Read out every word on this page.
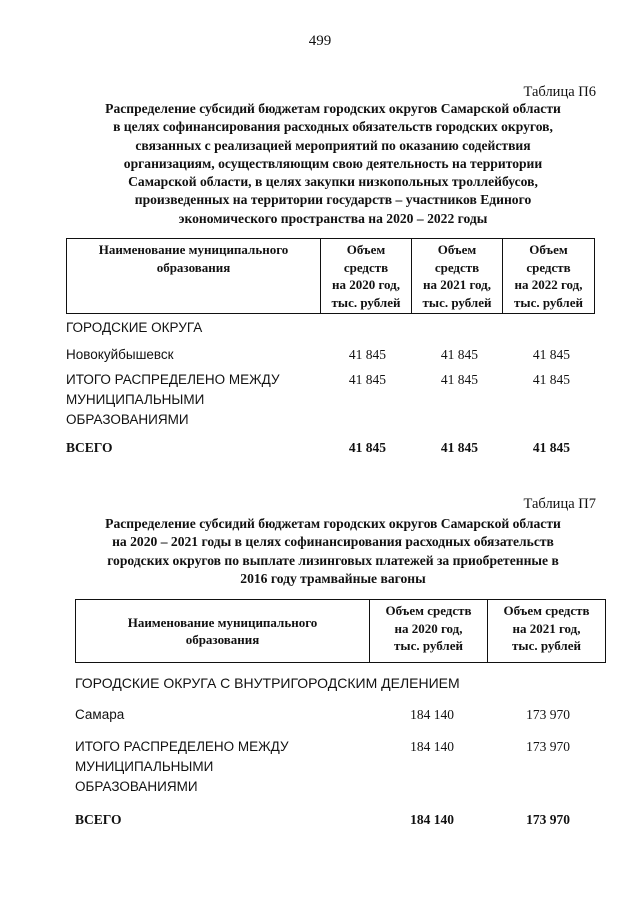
499
Таблица П6
Распределение субсидий бюджетам городских округов Самарской области
в целях софинансирования расходных обязательств городских округов,
связанных с реализацией мероприятий по оказанию содействия
организациям, осуществляющим свою деятельность на территории
Самарской области, в целях закупки низкопольных троллейбусов,
произведенных на территории государств – участников Единого
экономического пространства на 2020 – 2022 годы
Наименование муниципального
образования

Объем
средств
на 2020 год,
тыс. рублей

Объем
средств
на 2021 год,
тыс. рублей

Объем
средств
на 2022 год,
тыс. рублей
ГОРОДСКИЕ ОКРУГА
Новокуйбышевск	41 845	41 845	41 845
ИТОГО РАСПРЕДЕЛЕНО МЕЖДУ
МУНИЦИПАЛЬНЫМИ
ОБРАЗОВАНИЯМИ
41 845	41 845	41 845
ВСЕГО	41 845	41 845	41 845
Таблица П7
Распределение субсидий бюджетам городских округов Самарской области
на 2020 – 2021 годы в целях софинансирования расходных обязательств
городских округов по выплате лизинговых платежей за приобретенные в
2016 году трамвайные вагоны
Наименование муниципального
образования

Объем средств
на 2020 год,
тыс. рублей

Объем средств
на 2021 год,
тыс. рублей
ГОРОДСКИЕ ОКРУГА С ВНУТРИГОРОДСКИМ ДЕЛЕНИЕМ
Самара	184 140	173 970
ИТОГО РАСПРЕДЕЛЕНО МЕЖДУ
МУНИЦИПАЛЬНЫМИ
ОБРАЗОВАНИЯМИ
184 140	173 970
ВСЕГО	184 140	173 970
